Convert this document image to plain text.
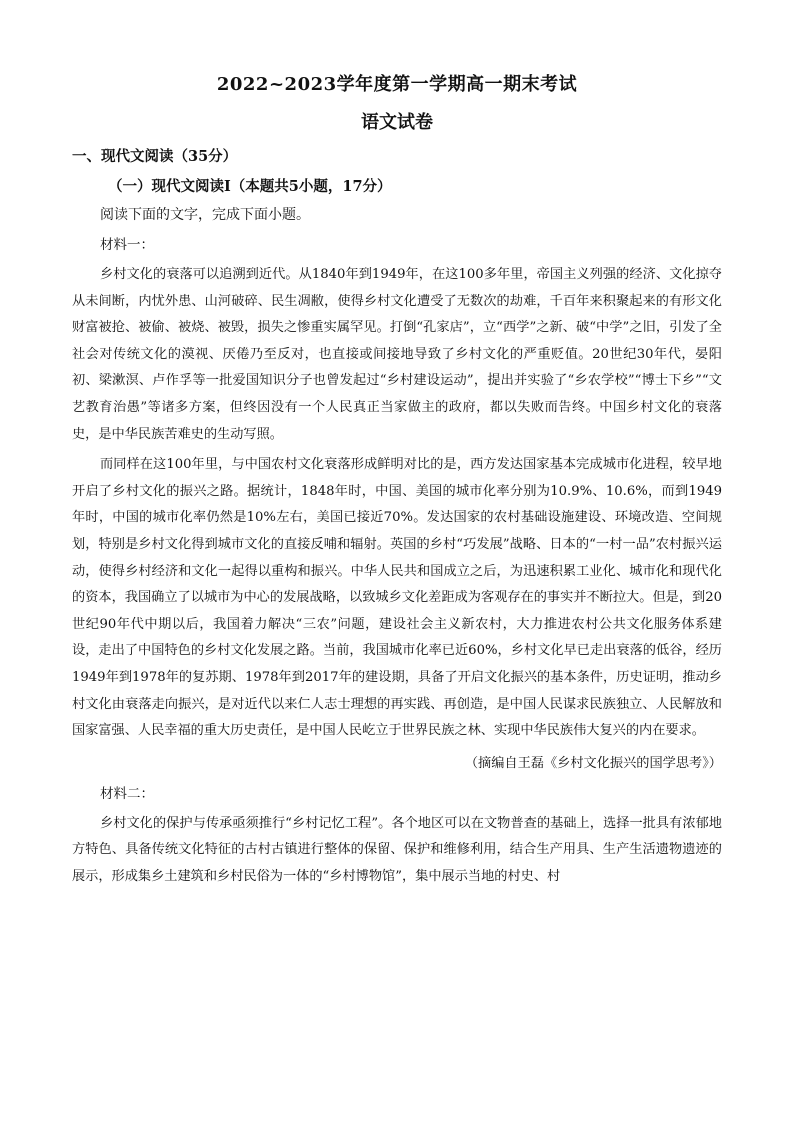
2022~2023学年度第一学期高一期末考试
语文试卷

一、现代文阅读（35分）

（一）现代文阅读Ⅰ（本题共5小题，17分）

阅读下面的文字，完成下面小题。

材料一：

乡村文化的衰落可以追溯到近代。从1840年到1949年，在这100多年里，帝国主义列强的经济、文化掠夺从未间断，内忧外患、山河破碎、民生凋敝，使得乡村文化遭受了无数次的劫难，千百年来积聚起来的有形文化财富被抢、被偷、被烧、被毁，损失之惨重实属罕见。打倒“孔家店”，立“西学”之新、破“中学”之旧，引发了全社会对传统文化的漠视、厌倦乃至反对，也直接或间接地导致了乡村文化的严重贬值。20世纪30年代，晏阳初、梁漱溟、卢作孚等一批爱国知识分子也曾发起过“乡村建设运动”，提出并实验了“乡农学校”“博士下乡”“文艺教育治愚”等诸多方案，但终因没有一个人民真正当家做主的政府，都以失败而告终。中国乡村文化的衰落史，是中华民族苦难史的生动写照。

而同样在这100年里，与中国农村文化衰落形成鲜明对比的是，西方发达国家基本完成城市化进程，较早地开启了乡村文化的振兴之路。据统计，1848年时，中国、美国的城市化率分别为10.9%、10.6%，而到1949年时，中国的城市化率仍然是10%左右，美国已接近70%。发达国家的农村基础设施建设、环境改造、空间规划，特别是乡村文化得到城市文化的直接反哺和辐射。英国的乡村“巧发展”战略、日本的“一村一品”农村振兴运动，使得乡村经济和文化一起得以重构和振兴。中华人民共和国成立之后，为迅速积累工业化、城市化和现代化的资本，我国确立了以城市为中心的发展战略，以致城乡文化差距成为客观存在的事实并不断拉大。但是，到20世纪90年代中期以后，我国着力解决“三农”问题，建设社会主义新农村，大力推进农村公共文化服务体系建设，走出了中国特色的乡村文化发展之路。当前，我国城市化率已近60%，乡村文化早已走出衰落的低谷，经历1949年到1978年的复苏期、1978年到2017年的建设期，具备了开启文化振兴的基本条件，历史证明，推动乡村文化由衰落走向振兴，是对近代以来仁人志士理想的再实践、再创造，是中国人民谋求民族独立、人民解放和国家富强、人民幸福的重大历史责任，是中国人民屹立于世界民族之林、实现中华民族伟大复兴的内在要求。

（摘编自王磊《乡村文化振兴的国学思考》）

材料二：

乡村文化的保护与传承亟须推行“乡村记忆工程”。各个地区可以在文物普查的基础上，选择一批具有浓郁地方特色、具备传统文化特征的古村古镇进行整体的保留、保护和维修利用，结合生产用具、生产生活遗物遗迹的展示，形成集乡土建筑和乡村民俗为一体的“乡村博物馆”，集中展示当地的村史、村
